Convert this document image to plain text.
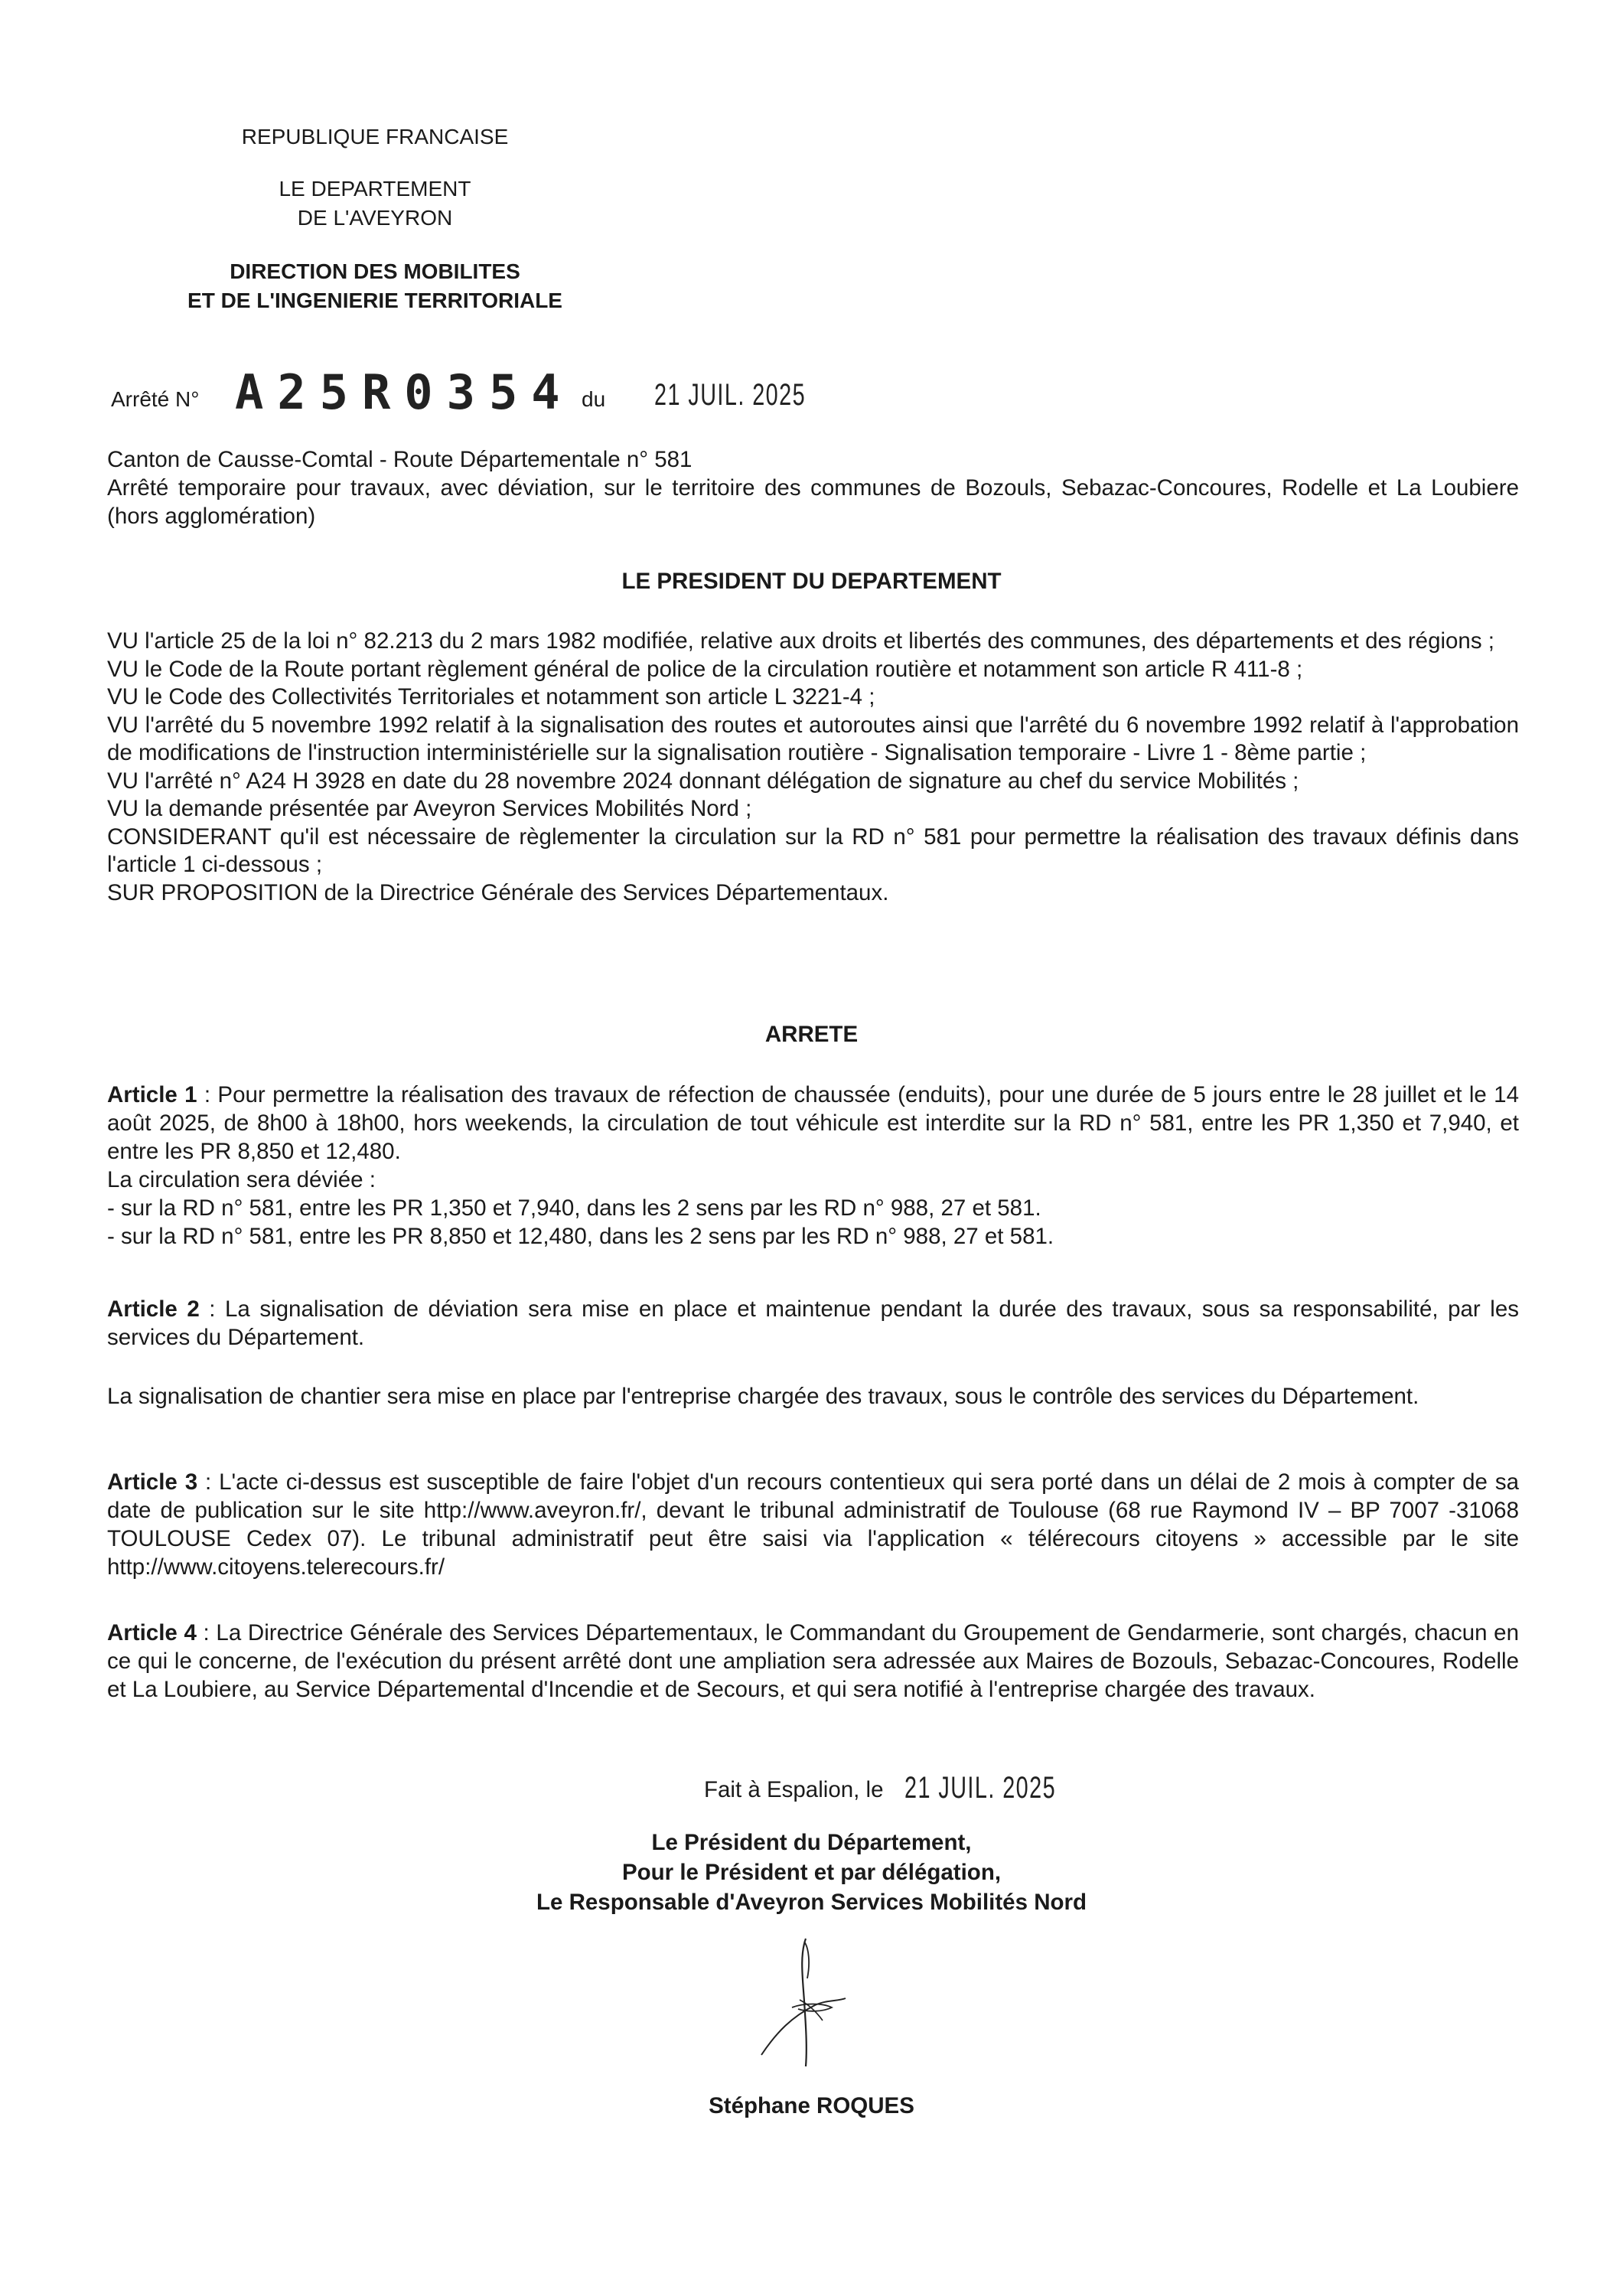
REPUBLIQUE FRANCAISE
LE DEPARTEMENT
DE L'AVEYRON
DIRECTION DES MOBILITES
ET DE L'INGENIERIE TERRITORIALE
Arrêté N° A25R0354 du 21 JUIL. 2025
Canton de Causse-Comtal - Route Départementale n° 581
Arrêté temporaire pour travaux, avec déviation, sur le territoire des communes de Bozouls, Sebazac-Concoures, Rodelle et La Loubiere (hors agglomération)
LE PRESIDENT DU DEPARTEMENT

VU l'article 25 de la loi n° 82.213 du 2 mars 1982 modifiée, relative aux droits et libertés des communes, des départements et des régions ;

VU le Code de la Route portant règlement général de police de la circulation routière et notamment son article R 411-8 ;

VU le Code des Collectivités Territoriales et notamment son article L 3221-4 ;

VU l'arrêté du 5 novembre 1992 relatif à la signalisation des routes et autoroutes ainsi que l'arrêté du 6 novembre 1992 relatif à l'approbation de modifications de l'instruction interministérielle sur la signalisation routière - Signalisation temporaire - Livre 1 - 8ème partie ;

VU l'arrêté n° A24 H 3928 en date du 28 novembre 2024 donnant délégation de signature au chef du service Mobilités ;

VU la demande présentée par Aveyron Services Mobilités Nord ;

CONSIDERANT qu'il est nécessaire de règlementer la circulation sur la RD n° 581 pour permettre la réalisation des travaux définis dans l'article 1 ci-dessous ;

SUR PROPOSITION de la Directrice Générale des Services Départementaux.

ARRETE

Article 1 : Pour permettre la réalisation des travaux de réfection de chaussée (enduits), pour une durée de 5 jours entre le 28 juillet et le 14 août 2025, de 8h00 à 18h00, hors weekends, la circulation de tout véhicule est interdite sur la RD n° 581, entre les PR 1,350 et 7,940, et entre les PR 8,850 et 12,480.

La circulation sera déviée :

- sur la RD n° 581, entre les PR 1,350 et 7,940, dans les 2 sens par les RD n° 988, 27 et 581.

- sur la RD n° 581, entre les PR 8,850 et 12,480, dans les 2 sens par les RD n° 988, 27 et 581.

Article 2 : La signalisation de déviation sera mise en place et maintenue pendant la durée des travaux, sous sa responsabilité, par les services du Département.

La signalisation de chantier sera mise en place par l'entreprise chargée des travaux, sous le contrôle des services du Département.

Article 3 : L'acte ci-dessus est susceptible de faire l'objet d'un recours contentieux qui sera porté dans un délai de 2 mois à compter de sa date de publication sur le site http://www.aveyron.fr/, devant le tribunal administratif de Toulouse (68 rue Raymond IV – BP 7007 -31068 TOULOUSE Cedex 07). Le tribunal administratif peut être saisi via l'application « télérecours citoyens » accessible par le site http://www.citoyens.telerecours.fr/

Article 4 : La Directrice Générale des Services Départementaux, le Commandant du Groupement de Gendarmerie, sont chargés, chacun en ce qui le concerne, de l'exécution du présent arrêté dont une ampliation sera adressée aux Maires de Bozouls, Sebazac-Concoures, Rodelle et La Loubiere, au Service Départemental d'Incendie et de Secours, et qui sera notifié à l'entreprise chargée des travaux.

Fait à Espalion, le 21 JUIL. 2025
Le Président du Département,
Pour le Président et par délégation,
Le Responsable d'Aveyron Services Mobilités Nord
Stéphane ROQUES
